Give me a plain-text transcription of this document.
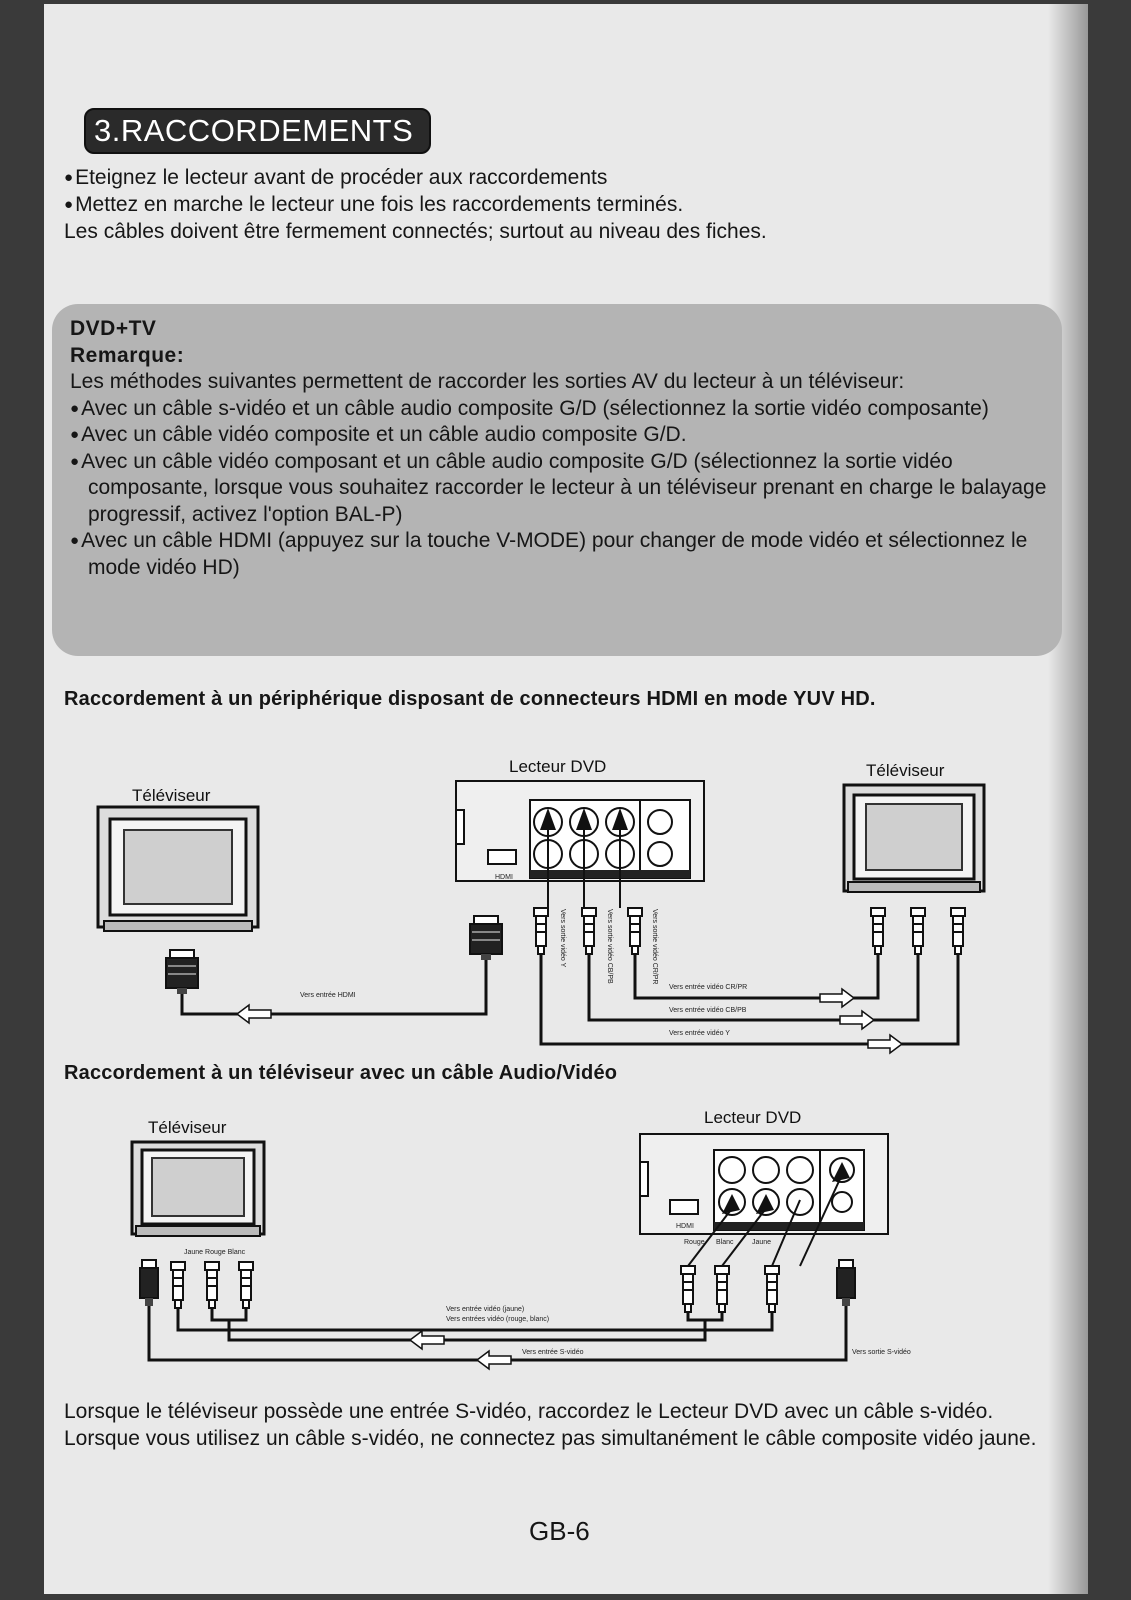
3.RACCORDEMENTS

● Eteignez le lecteur avant de procéder aux raccordements

● Mettez en marche le lecteur une fois les raccordements terminés.

Les câbles doivent être fermement connectés; surtout au niveau des fiches.

DVD+TV

Remarque:

Les méthodes suivantes permettent de raccorder les sorties AV du lecteur à un téléviseur:

● Avec un câble s-vidéo et un câble audio composite G/D (sélectionnez la sortie vidéo composante)

● Avec un câble vidéo composite et un câble audio composite G/D.

● Avec un câble vidéo composant et un câble audio composite G/D (sélectionnez la sortie vidéo composante, lorsque vous souhaitez raccorder le lecteur à un téléviseur prenant en charge le balayage progressif, activez l'option BAL-P)

● Avec un câble HDMI (appuyez sur la touche V-MODE) pour changer de mode vidéo et sélectionnez le mode vidéo HD)

Raccordement à un périphérique disposant de connecteurs HDMI en mode YUV HD.
Téléviseur
Lecteur DVD	Téléviseur
HDMI
Vers entrée HDMI
Vers entrée vidéo CR/PR
Vers entrée vidéo CB/PB
Vers entrée vidéo Y
Vers sortie vidéo Y	Vers sortie vidéo CB/PB	Vers sortie vidéo CR/PR
HDMI
Rouge Blanc	Jaune
Jaune Rouge Blanc
Vers entrée vidéo (jaune)
Vers entrées vidéo (rouge, blanc)
Vers entrée S-vidéo	Vers sortie S-vidéo
Raccordement à un téléviseur avec un câble Audio/Vidéo
Téléviseur
Lecteur DVD

Lorsque le téléviseur possède une entrée S-vidéo, raccordez le Lecteur DVD avec un câble s-vidéo.

Lorsque vous utilisez un câble s-vidéo, ne connectez pas simultanément le câble composite vidéo jaune.

GB-6
